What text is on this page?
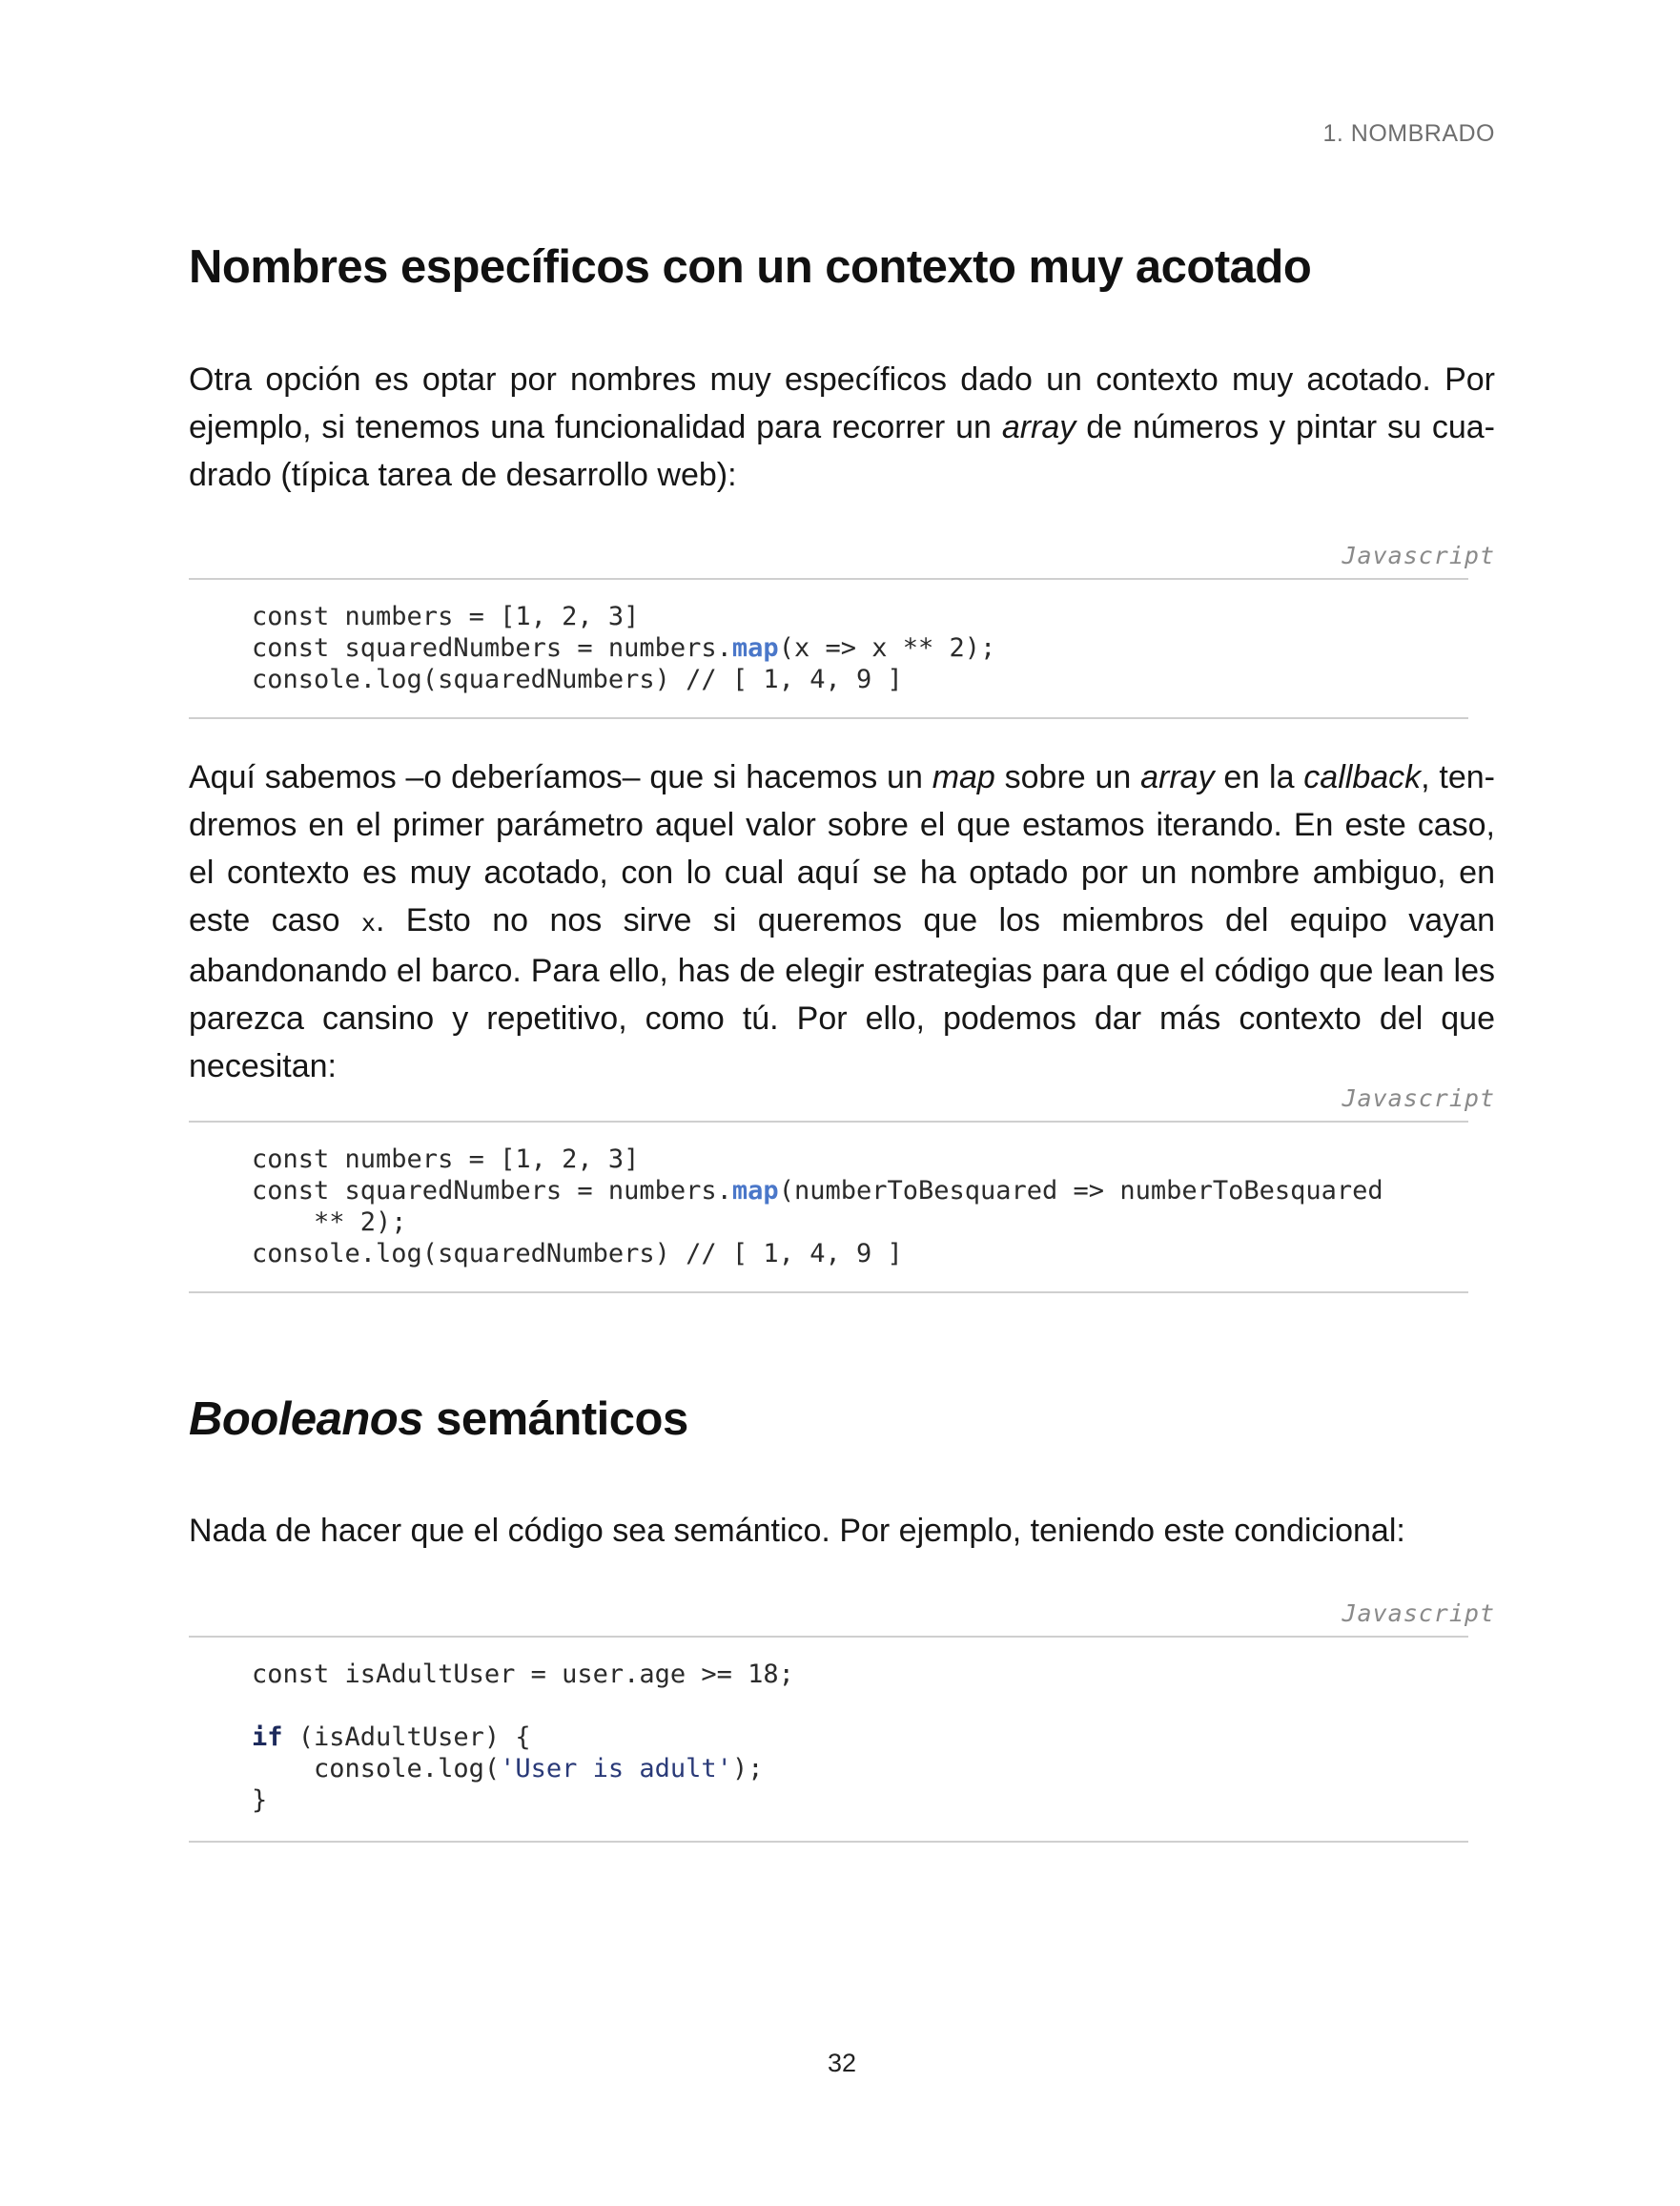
1. NOMBRADO
Nombres específicos con un contexto muy acotado

Otra opción es optar por nombres muy específicos dado un contexto muy acotado. Por ejemplo, si tenemos una funcionalidad para recorrer un array de números y pintar su cua-drado (típica tarea de desarrollo web):

Javascript
const numbers = [1, 2, 3]
const squaredNumbers = numbers.map(x => x ** 2);
console.log(squaredNumbers) // [ 1, 4, 9 ]

Aquí sabemos –o deberíamos– que si hacemos un map sobre un array en la callback, ten-dremos en el primer parámetro aquel valor sobre el que estamos iterando. En este caso, el contexto es muy acotado, con lo cual aquí se ha optado por un nombre ambiguo, en este caso x. Esto no nos sirve si queremos que los miembros del equipo vayan abandonando el barco. Para ello, has de elegir estrategias para que el código que lean les parezca cansino y repetitivo, como tú. Por ello, podemos dar más contexto del que necesitan:

Javascript
const numbers = [1, 2, 3]
const squaredNumbers = numbers.map(numberToBesquared => numberToBesquared
** 2);
console.log(squaredNumbers) // [ 1, 4, 9 ]
Booleanos semánticos

Nada de hacer que el código sea semántico. Por ejemplo, teniendo este condicional:

Javascript
const isAdultUser = user.age >= 18;

if (isAdultUser) {
console.log('User is adult');
}
32
